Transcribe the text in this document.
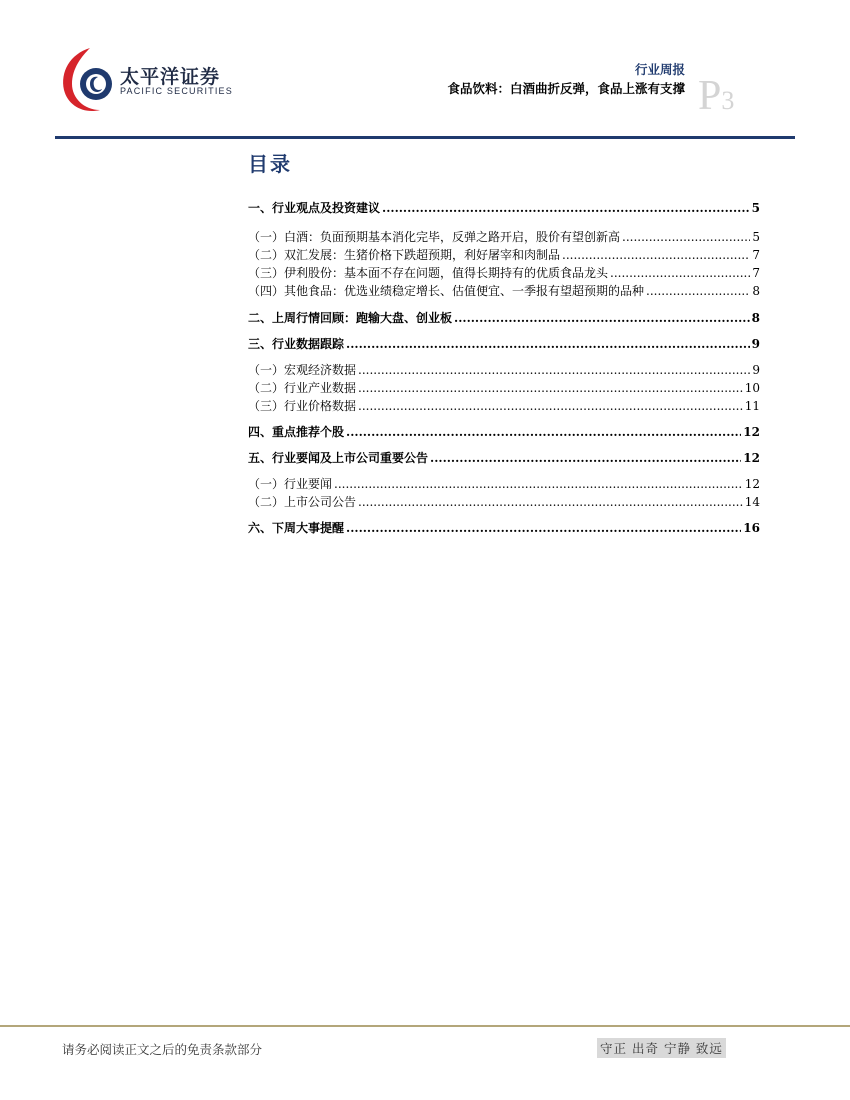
太平洋证券
PACIFIC SECURITIES
行业周报
食品饮料：白酒曲折反弹，食品上涨有支撑 P3
目录
一、 行业观点及投资建议 .....	5
（一） 白酒：负面预期基本消化完毕，反弹之路开启，股价有望创新高 .....	5
（二） 双汇发展：生猪价格下跌超预期，利好屠宰和肉制品 .....	7
（三） 伊利股份：基本面不存在问题，值得长期持有的优质食品龙头 .....	7
（四） 其他食品：优选业绩稳定增长、估值便宜、一季报有望超预期的品种 .....	8
二、 上周行情回顾：跑输大盘、创业板 .....	8
三、 行业数据跟踪 .....	9
（一） 宏观经济数据 .....	9
（二） 行业产业数据 .....	10
（三） 行业价格数据 .....	11
四、 重点推荐个股 .....	12
五、 行业要闻及上市公司重要公告 .....	12
（一） 行业要闻 .....	12
（二） 上市公司公告 .....	14
六、 下周大事提醒 .....	16
请务必阅读正文之后的免责条款部分	守正 出奇 宁静 致远
